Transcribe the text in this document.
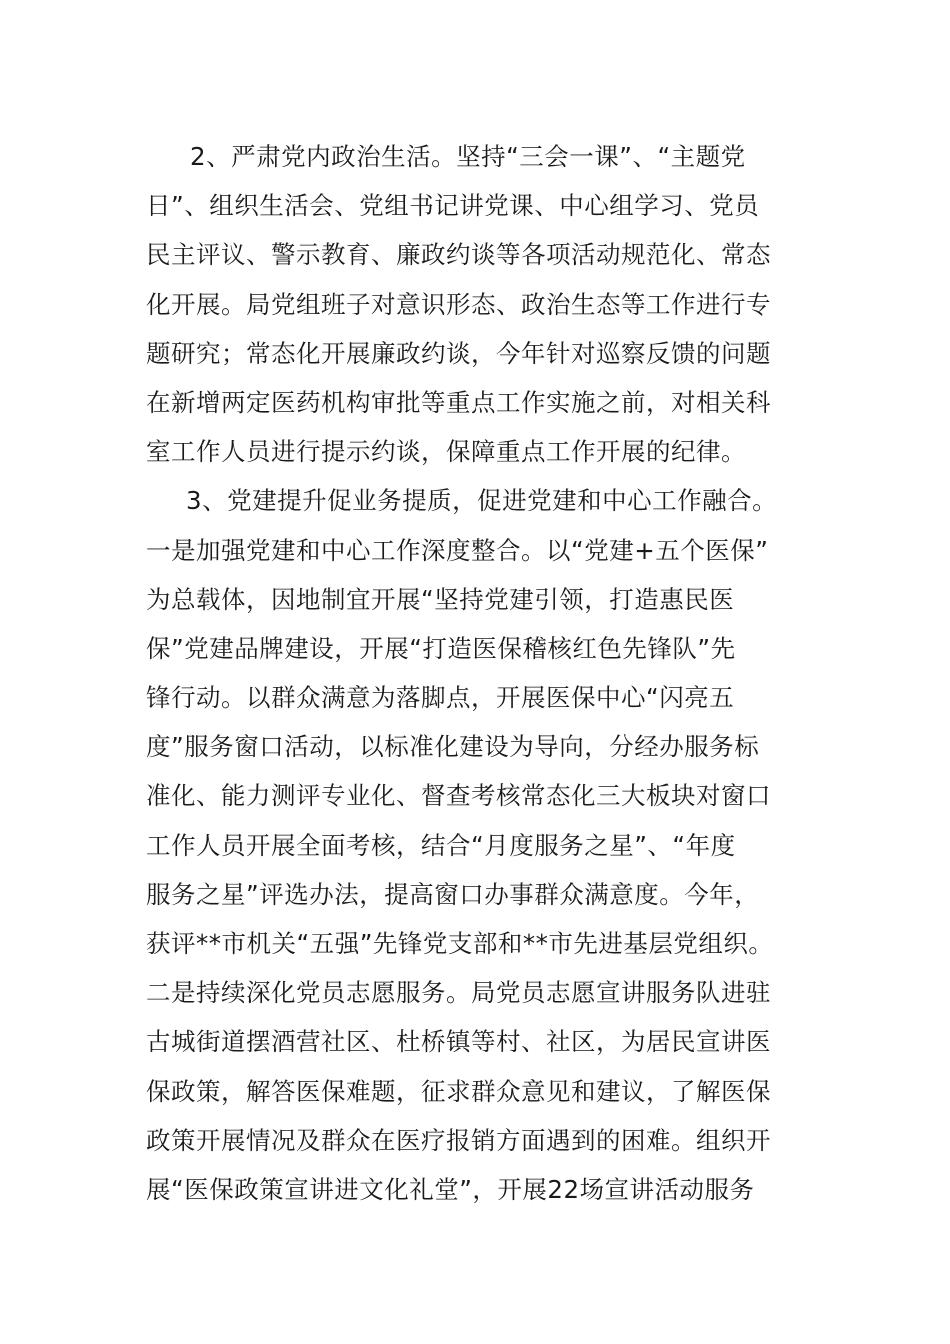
2、严肃党内政治生活。坚持“三会一课”、“主题党
日”、组织生活会、党组书记讲党课、中心组学习、党员
民主评议、警示教育、廉政约谈等各项活动规范化、常态
化开展。局党组班子对意识形态、政治生态等工作进行专
题研究；常态化开展廉政约谈，今年针对巡察反馈的问题
在新增两定医药机构审批等重点工作实施之前，对相关科
室工作人员进行提示约谈，保障重点工作开展的纪律。
3、党建提升促业务提质，促进党建和中心工作融合。
一是加强党建和中心工作深度整合。以“党建+五个医保”
为总载体，因地制宜开展“坚持党建引领，打造惠民医
保”党建品牌建设，开展“打造医保稽核红色先锋队”先
锋行动。以群众满意为落脚点，开展医保中心“闪亮五
度”服务窗口活动，以标准化建设为导向，分经办服务标
准化、能力测评专业化、督查考核常态化三大板块对窗口
工作人员开展全面考核，结合“月度服务之星”、“年度
服务之星”评选办法，提高窗口办事群众满意度。今年，
获评**市机关“五强”先锋党支部和**市先进基层党组织。
二是持续深化党员志愿服务。局党员志愿宣讲服务队进驻
古城街道摆酒营社区、杜桥镇等村、社区，为居民宣讲医
保政策，解答医保难题，征求群众意见和建议，了解医保
政策开展情况及群众在医疗报销方面遇到的困难。组织开
展“医保政策宣讲进文化礼堂”，开展22场宣讲活动服务
